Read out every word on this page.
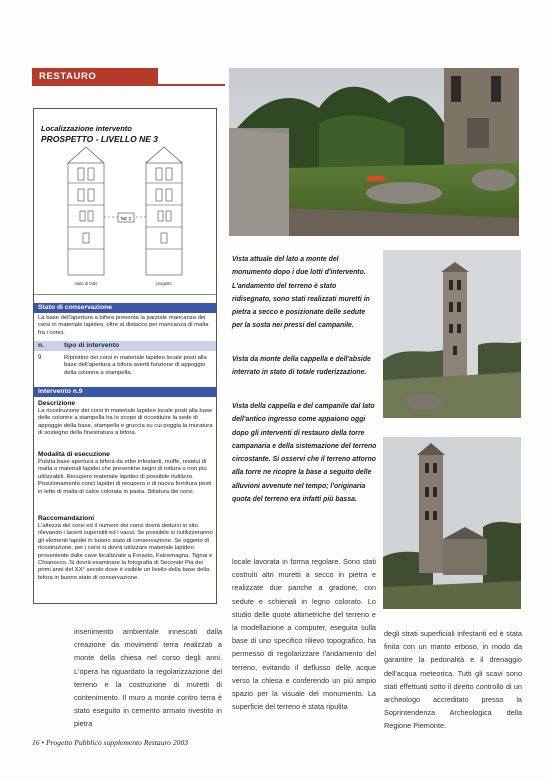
RESTAURO CONSERVATIVO
Localizzazione intervento
PROSPETTO - LIVELLO NE 3
NE 3
stato di fatto	progetto
Stato di conservazione
La base dell'apertura a bifora presenta la parziale mancanza dei corsi in materiale lapideo, oltre al distacco per mancanza di malta fra i conci.
n.	tipo di intervento
9	Ripristino dei corsi in materiale lapideo locale posti alla base dell'apertura a bifora aventi funzione di appoggio della colonna a stampella.
intervento n.9
Descrizione
La ricostruzione dei corsi in materiale lapideo locale posti alla base delle colonne a stampella ha lo scopo di ricostituire la sede di appoggio della base, stampella e gruccia su cui poggia la muratura di sostegno della finestratura a bifora.
Modalità di esecuzione
Pulizia base apertura a bifora da erbe infestanti, muffe, residui di malta o materiali lapidei che presentino segni di rottura o non più utilizzabili. Recupero materiale lapideo di possibile riutilizzo. Posizionamento conci lapidei di recupero o di nuova fornitura posti in letto di malta di calce colorata in pasta. Stilatura dei corsi.
Raccomandazioni
L'altezza dei corsi ed il numero dei conci dovrà dedursi in sito rilevando i lacerti superstiti ed i vacui. Se possibile si riutilizzeranno gli elementi lapidei in buono stato di conservazione. Se oggetto di ricostruzione, per i corsi si dovrà utilizzare materiale lapideo proveniente dalle cave localizzate a Forasto, Falcemagna, Tignai e Chianocco. Si dovrà esaminare la fotografia di Secondo Pia dei primi anni del XX° secolo dove è visibile un livello della base della bifora in buono stato di conservazione.
Vista attuale del lato a monte del monumento dopo i due lotti d'intervento. L'andamento del terreno è stato ridisegnato, sono stati realizzati muretti in pietra a secco e posizionate delle sedute per la sosta nei pressi del campanile.
Vista da monte della cappella e dell'abside interrato in stato di totale ruderizzazione.
Vista della cappella e del campanile dal lato dell'antico ingresso come appaiono oggi dopo gli interventi di restauro della torre campanaria e della sistemazione del terreno circostante. Si osservi che il terreno attorno alla torre ne ricopre la base a seguito delle alluvioni avvenute nel tempo; l'originaria quota del terreno era infatti più bassa.
insenimento ambientale innescati dalla creazione da movimenti terra realizzati a monte della chiesa nel corso degli anni. L'opera ha riguardato la regolarizzazione del terreno e la costruzione di muretti di contenimento. Il muro a monte contro terra è stato eseguito in cemento armato rivestito in pietra
locale lavorata in forma regolare. Sono stati costruiti altri muretti a secco in pietra e realizzate due panche a gradone, con sedute e schienali in legno colorato. Lo studio delle quote altimetriche del terreno e la modellazione a computer, eseguita sulla base di uno specifico rilievo topografico, ha permesso di regolarizzare l'andamento del terreno, evitando il deflusso delle acque verso la chiesa e conferendo un più ampio spazio per la visuale del monumento. La superficie del terreno è stata ripulita
degli strati superficiali infestanti ed è stata finita con un manto erboso, in modo da garantire la pedonalità e il drenaggio dell'acqua meteorica. Tutti gli scavi sono stati effettuati sotto il diretto controllo di un archeologo accreditato presso la Soprintendenza Archeologica della Regione Piemonte.
16 • Progetto Pubblico supplemento Restauro 2003
